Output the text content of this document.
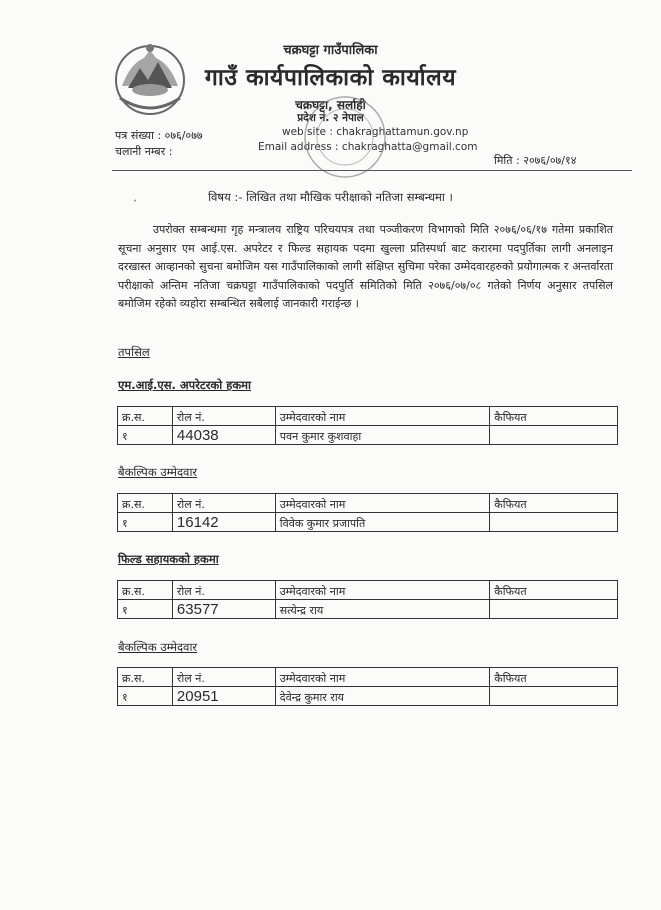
चक्रघट्टा गाउँपालिका
गाउँ कार्यपालिकाको कार्यालय
चक्रघट्टा, सर्लाही
प्रदेश नं. २ नेपाल
web site : chakraghattamun.gov.np
Email address : chakraghatta@gmail.com
पत्र संख्या : ०७६/०७७
चलानी नम्बर :
मिति : २०७६/०७/१४
ˏ	विषय :- लिखित तथा मौखिक परीक्षाको नतिजा सम्बन्धमा ।
उपरोक्त सम्बन्धमा गृह मन्त्रालय राष्ट्रिय परिचयपत्र तथा पञ्जीकरण विभागको मिति २०७६/०६/१७ गतेमा प्रकाशित सूचना अनुसार एम आई.एस. अपरेटर र फिल्ड सहायक पदमा खुल्ला प्रतिस्पर्धा बाट करारमा पदपुर्तिका लागी अनलाइन दरखास्त आव्हानको सुचना बमोजिम यस गाउँपालिकाको लागी संक्षिप्त सुचिमा परेका उम्मेदवारहरुको प्रयोगात्मक र अन्तर्वारता परीक्षाको अन्तिम नतिजा चक्रघट्टा गाउँपालिकाको पदपुर्ति समितिको मिति २०७६/०७/०८ गतेको निर्णय अनुसार तपसिल बमोजिम रहेको व्यहोरा सम्बन्धित सबैलाई जानकारी गराईन्छ ।
तपसिल
एम.आई.एस. अपरेटरको हकमा
क्र.स.	रोल नं.	उम्मेदवारको नाम	कैफियत
१	44038	पवन कुमार कुशवाहा	
बैकल्पिक उम्मेदवार
क्र.स.	रोल नं.	उम्मेदवारको नाम	कैफियत
१	16142	विवेक कुमार प्रजापति	
फिल्ड सहायकको हकमा
क्र.स.	रोल नं.	उम्मेदवारको नाम	कैफियत
१	63577	सत्येन्द्र राय	
बैकल्पिक उम्मेदवार
क्र.स.	रोल नं.	उम्मेदवारको नाम	कैफियत
१	20951	देवेन्द्र कुमार राय	
